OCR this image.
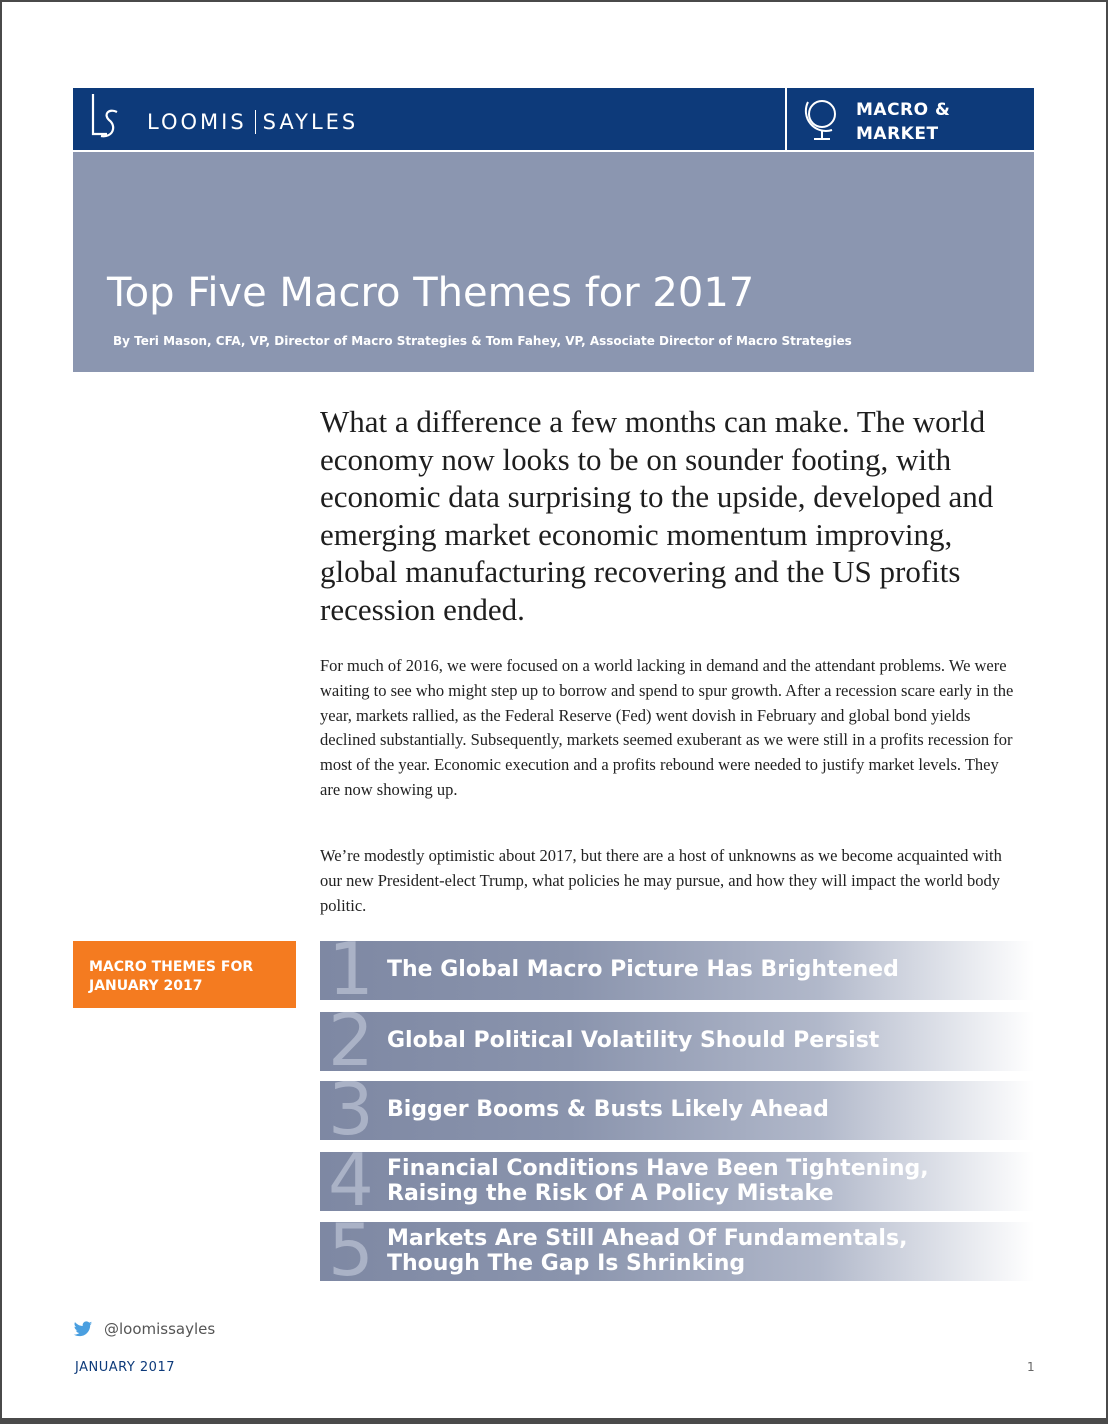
LOOMIS SAYLES	MACRO & MARKET
Top Five Macro Themes for 2017
By Teri Mason, CFA, VP, Director of Macro Strategies & Tom Fahey, VP, Associate Director of Macro Strategies

What a difference a few months can make. The world economy now looks to be on sounder footing, with economic data surprising to the upside, developed and emerging market economic momentum improving, global manufacturing recovering and the US profits recession ended.

For much of 2016, we were focused on a world lacking in demand and the attendant problems. We were waiting to see who might step up to borrow and spend to spur growth. After a recession scare early in the year, markets rallied, as the Federal Reserve (Fed) went dovish in February and global bond yields declined substantially. Subsequently, markets seemed exuberant as we were still in a profits recession for most of the year. Economic execution and a profits rebound were needed to justify market levels. They are now showing up.

We’re modestly optimistic about 2017, but there are a host of unknowns as we become acquainted with our new President-elect Trump, what policies he may pursue, and how they will impact the world body politic.

MACRO THEMES FOR
JANUARY 2017	1 The Global Macro Picture Has Brightened
2 Global Political Volatility Should Persist
3 Bigger Booms & Busts Likely Ahead
4 Financial Conditions Have Been Tightening,
Raising the Risk Of A Policy Mistake
5 Markets Are Still Ahead Of Fundamentals,
Though The Gap Is Shrinking
@loomissayles
JANUARY 2017	1
